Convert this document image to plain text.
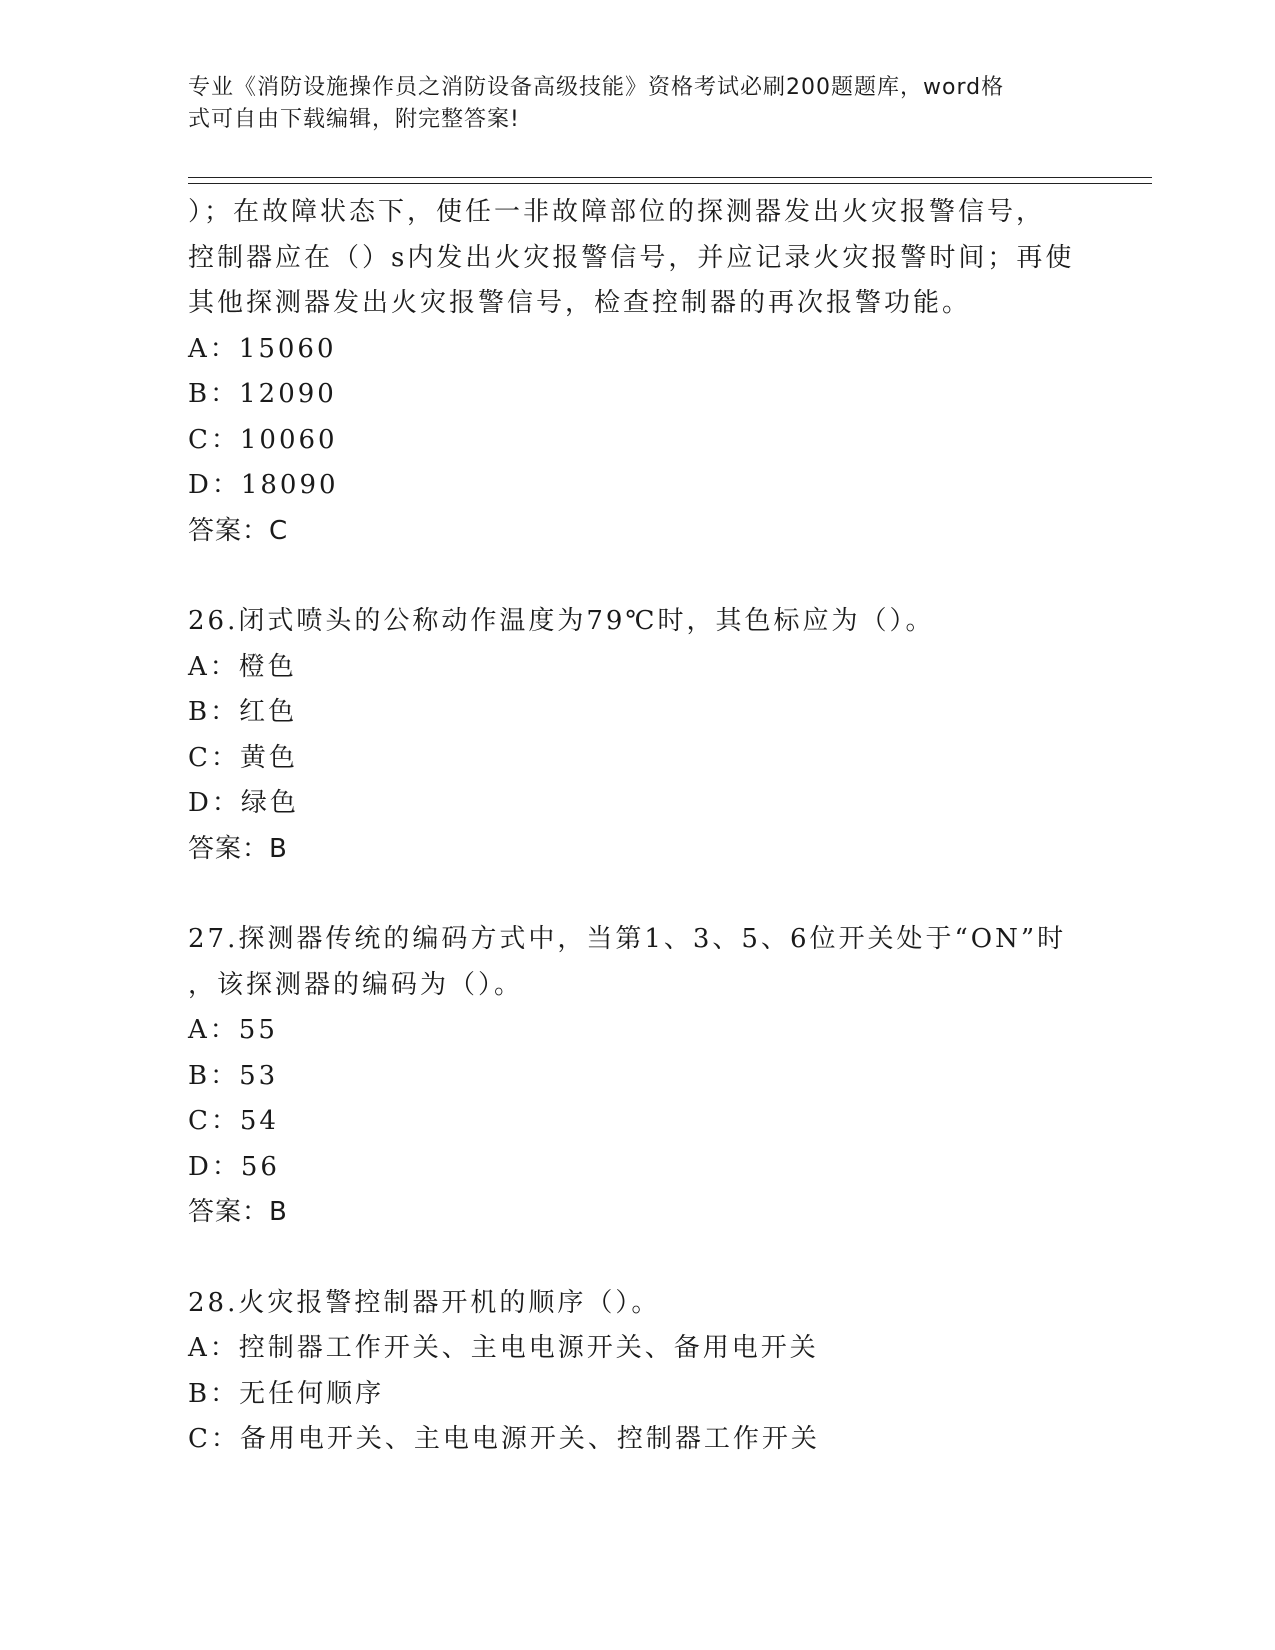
专业《消防设施操作员之消防设备高级技能》资格考试必刷200题题库，word格
式可自由下载编辑，附完整答案!
）；在故障状态下，使任一非故障部位的探测器发出火灾报警信号，
控制器应在（）s内发出火灾报警信号，并应记录火灾报警时间；再使
其他探测器发出火灾报警信号，检查控制器的再次报警功能。
A：15060
B：12090
C：10060
D：18090
答案：C
26.闭式喷头的公称动作温度为79℃时，其色标应为（）。
A：橙色
B：红色
C：黄色
D：绿色
答案：B
27.探测器传统的编码方式中，当第1、3、5、6位开关处于“ON”时
，该探测器的编码为（）。
A：55
B：53
C：54
D：56
答案：B
28.火灾报警控制器开机的顺序（）。
A：控制器工作开关、主电电源开关、备用电开关
B：无任何顺序
C：备用电开关、主电电源开关、控制器工作开关
